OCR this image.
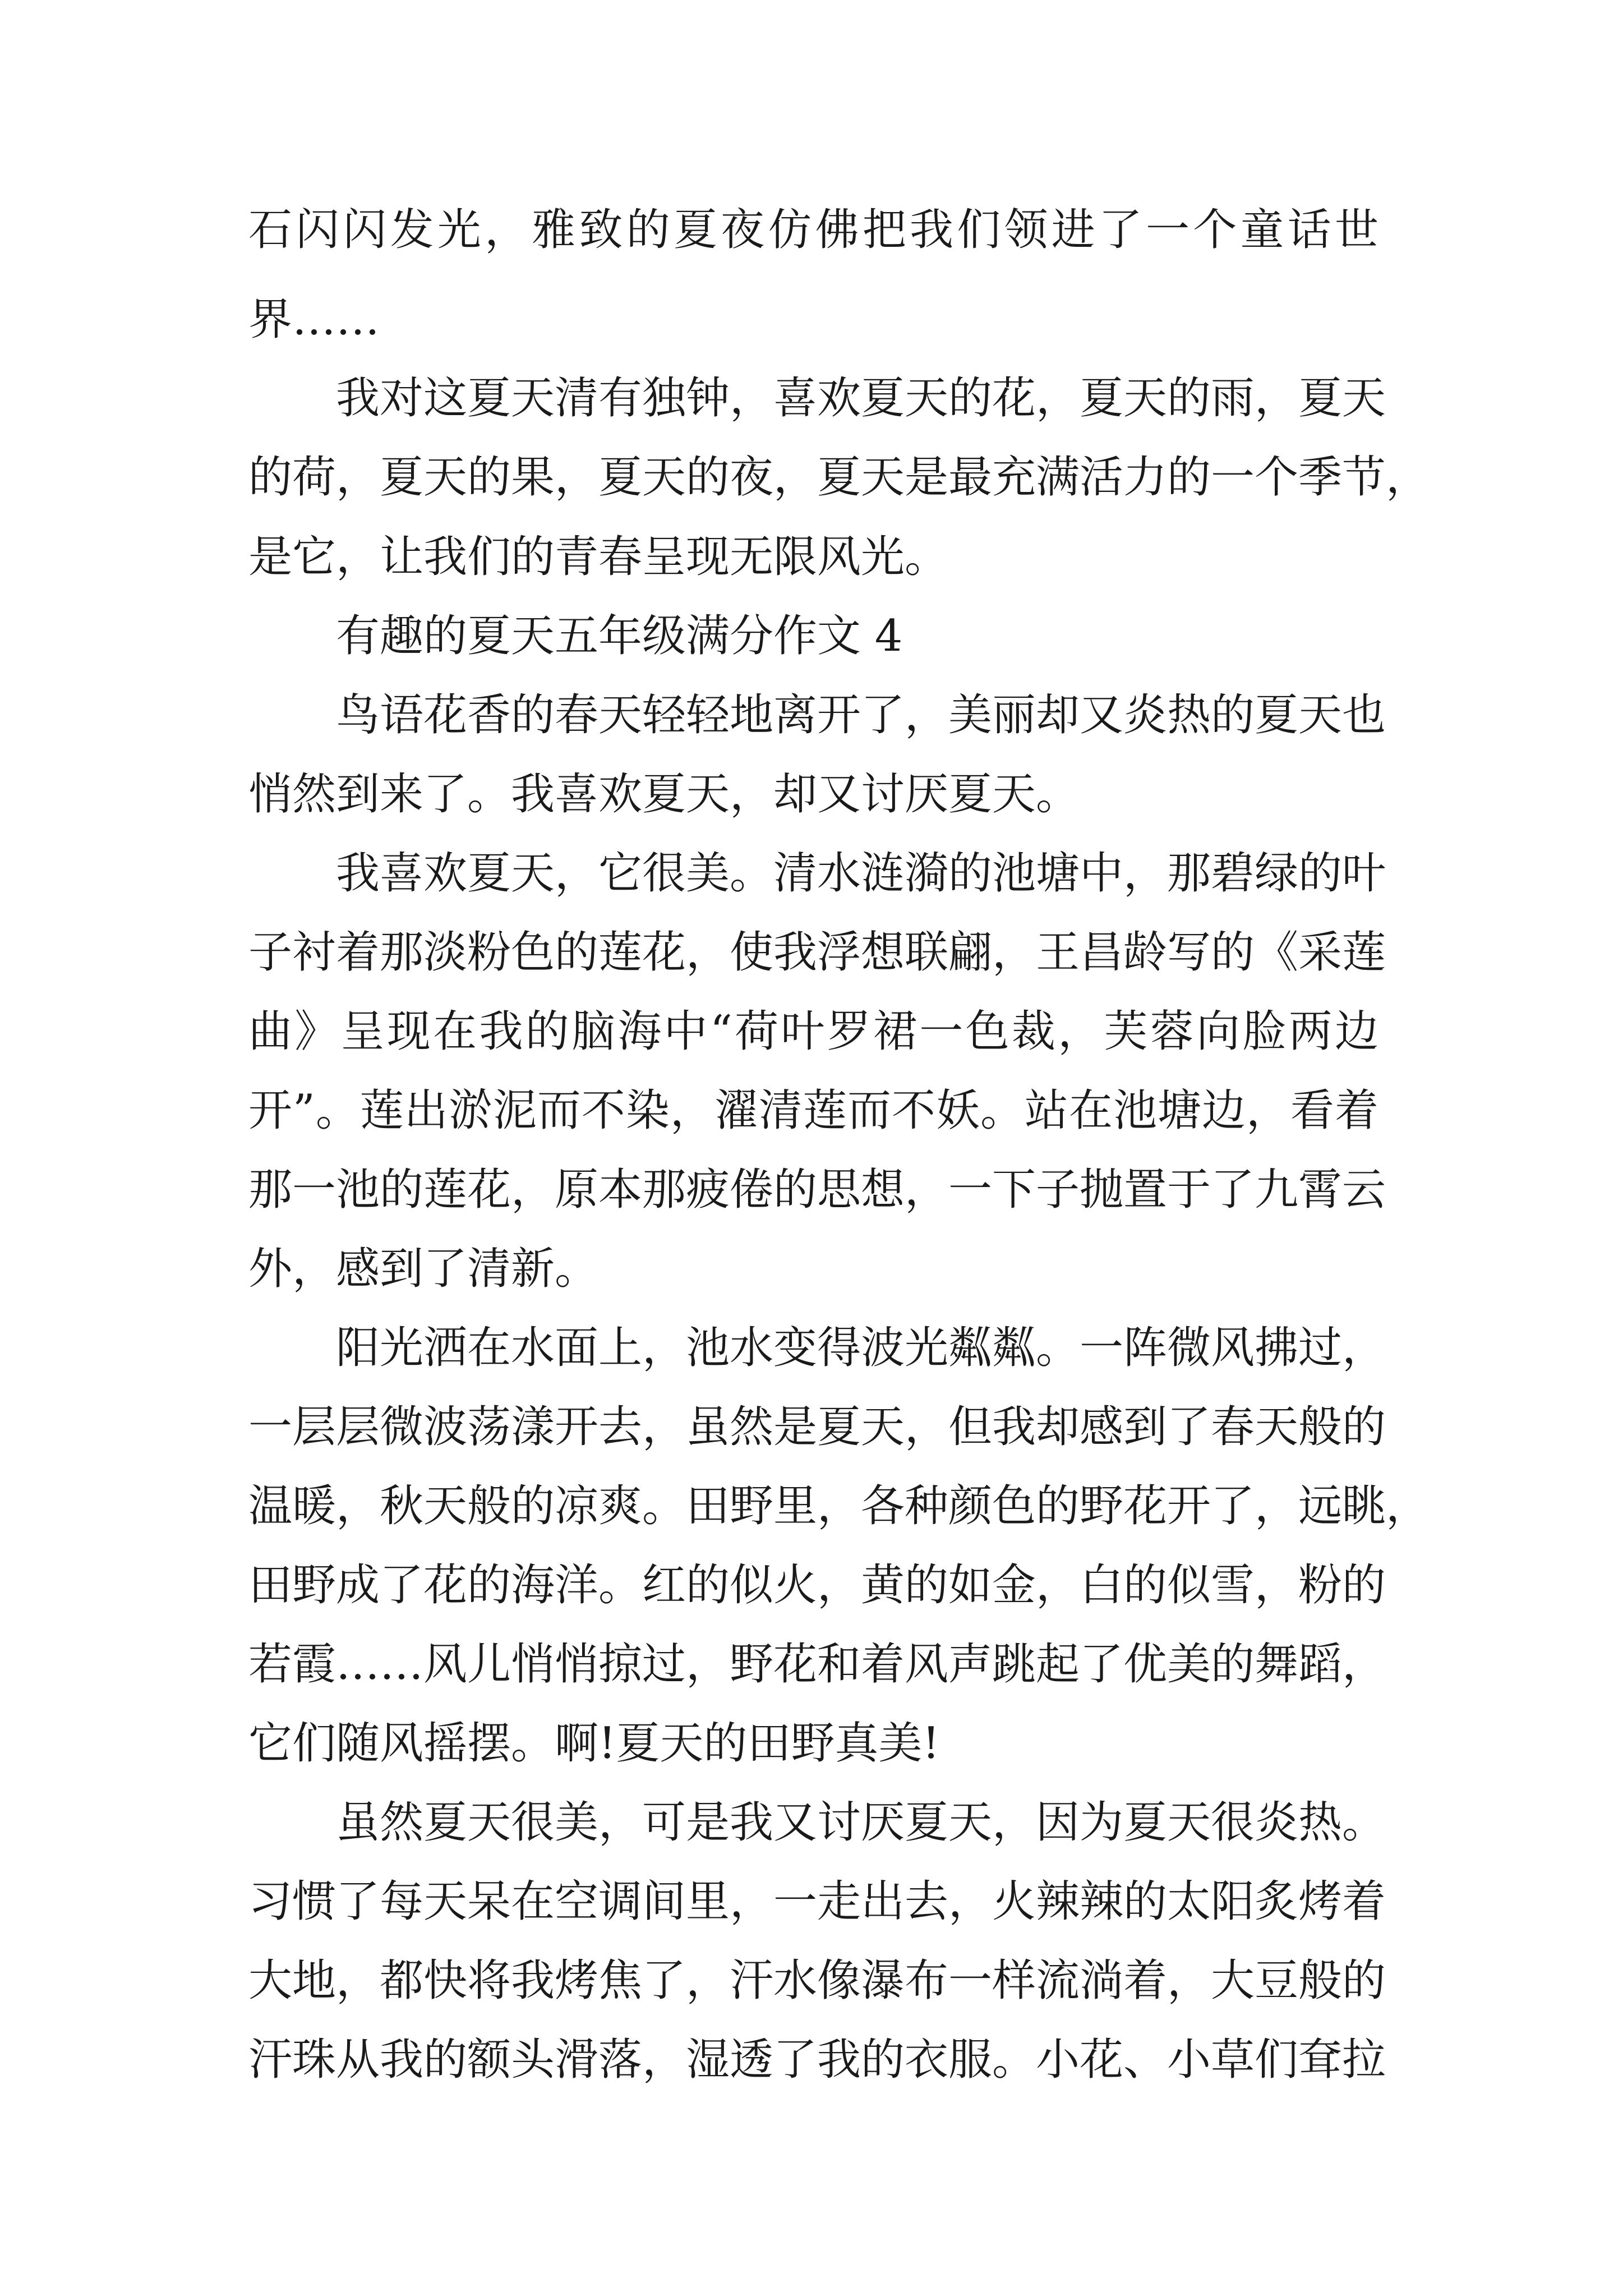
石闪闪发光，雅致的夏夜仿佛把我们领进了一个童话世

界……

我对这夏天清有独钟，喜欢夏天的花，夏天的雨，夏天

的荷，夏天的果，夏天的夜，夏天是最充满活力的一个季节，

是它，让我们的青春呈现无限风光。

有趣的夏天五年级满分作文 4

鸟语花香的春天轻轻地离开了，美丽却又炎热的夏天也

悄然到来了。我喜欢夏天，却又讨厌夏天。

我喜欢夏天，它很美。清水涟漪的池塘中，那碧绿的叶

子衬着那淡粉色的莲花，使我浮想联翩，王昌龄写的《采莲

曲》呈现在我的脑海中“荷叶罗裙一色裁，芙蓉向脸两边

开”。莲出淤泥而不染，濯清莲而不妖。站在池塘边，看着

那一池的莲花，原本那疲倦的思想，一下子抛置于了九霄云

外，感到了清新。

阳光洒在水面上，池水变得波光粼粼。一阵微风拂过，

一层层微波荡漾开去，虽然是夏天，但我却感到了春天般的

温暖，秋天般的凉爽。田野里，各种颜色的野花开了，远眺，

田野成了花的海洋。红的似火，黄的如金，白的似雪，粉的

若霞……风儿悄悄掠过，野花和着风声跳起了优美的舞蹈，

它们随风摇摆。啊!夏天的田野真美!

虽然夏天很美，可是我又讨厌夏天，因为夏天很炎热。

习惯了每天呆在空调间里，一走出去，火辣辣的太阳炙烤着

大地，都快将我烤焦了，汗水像瀑布一样流淌着，大豆般的

汗珠从我的额头滑落，湿透了我的衣服。小花、小草们耷拉
